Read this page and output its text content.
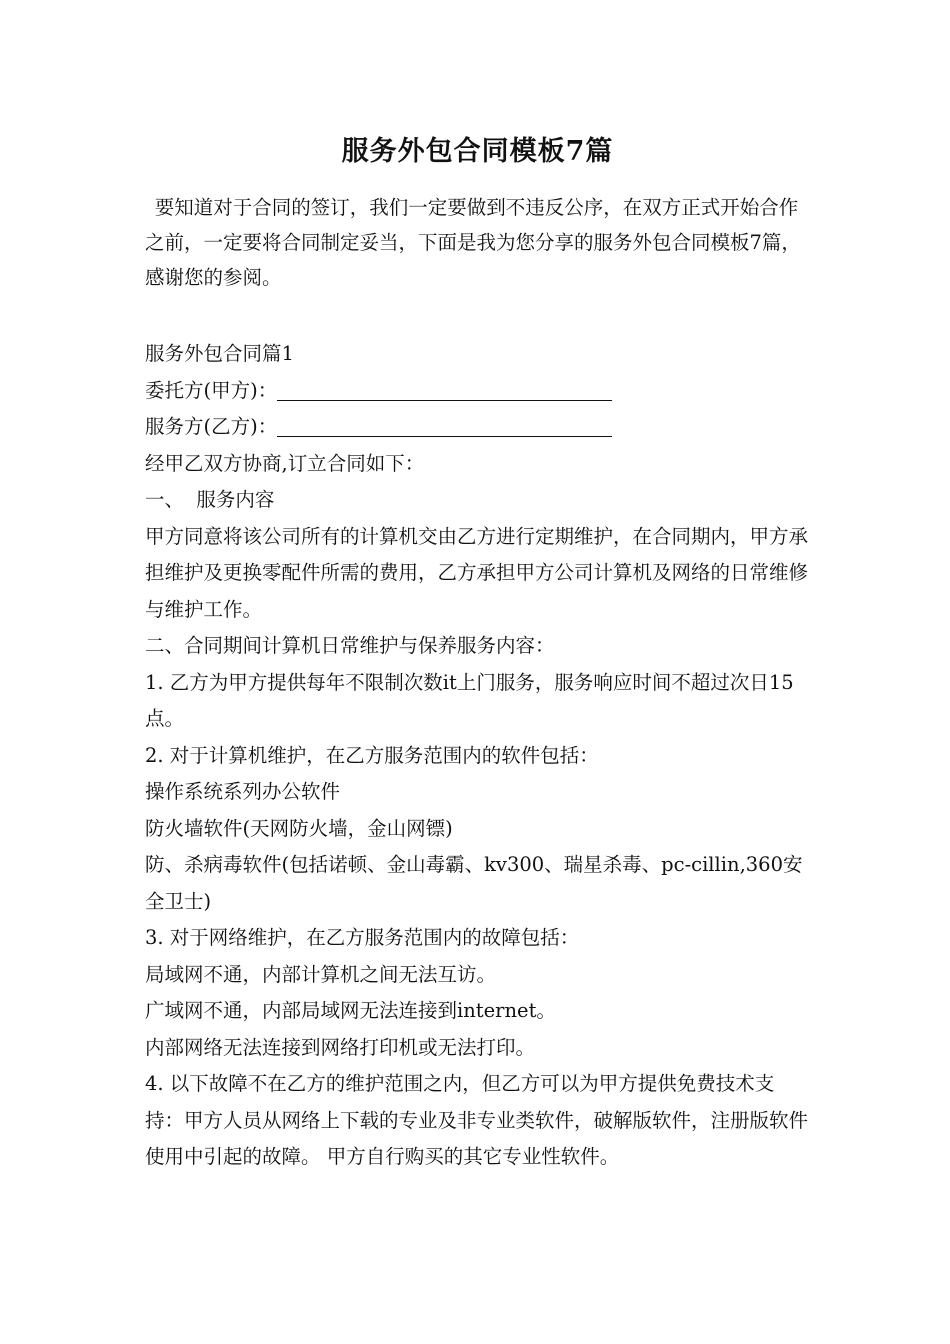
服务外包合同模板7篇

要知道对于合同的签订，我们一定要做到不违反公序，在双方正式开始合作之前，一定要将合同制定妥当，下面是我为您分享的服务外包合同模板7篇，感谢您的参阅。

服务外包合同篇1

委托方(甲方)：

服务方(乙方)：

经甲乙双方协商,订立合同如下：

一、  服务内容

甲方同意将该公司所有的计算机交由乙方进行定期维护，在合同期内，甲方承担维护及更换零配件所需的费用，乙方承担甲方公司计算机及网络的日常维修与维护工作。

二、合同期间计算机日常维护与保养服务内容：

1. 乙方为甲方提供每年不限制次数it上门服务，服务响应时间不超过次日15点。

2. 对于计算机维护，在乙方服务范围内的软件包括：

操作系统系列办公软件

防火墙软件(天网防火墙，金山网镖)

防、杀病毒软件(包括诺顿、金山毒霸、kv300、瑞星杀毒、pc-cillin,360安全卫士)

3. 对于网络维护，在乙方服务范围内的故障包括：

局域网不通，内部计算机之间无法互访。

广域网不通，内部局域网无法连接到internet。

内部网络无法连接到网络打印机或无法打印。

4. 以下故障不在乙方的维护范围之内，但乙方可以为甲方提供免费技术支持：甲方人员从网络上下载的专业及非专业类软件，破解版软件，注册版软件使用中引起的故障。 甲方自行购买的其它专业性软件。
